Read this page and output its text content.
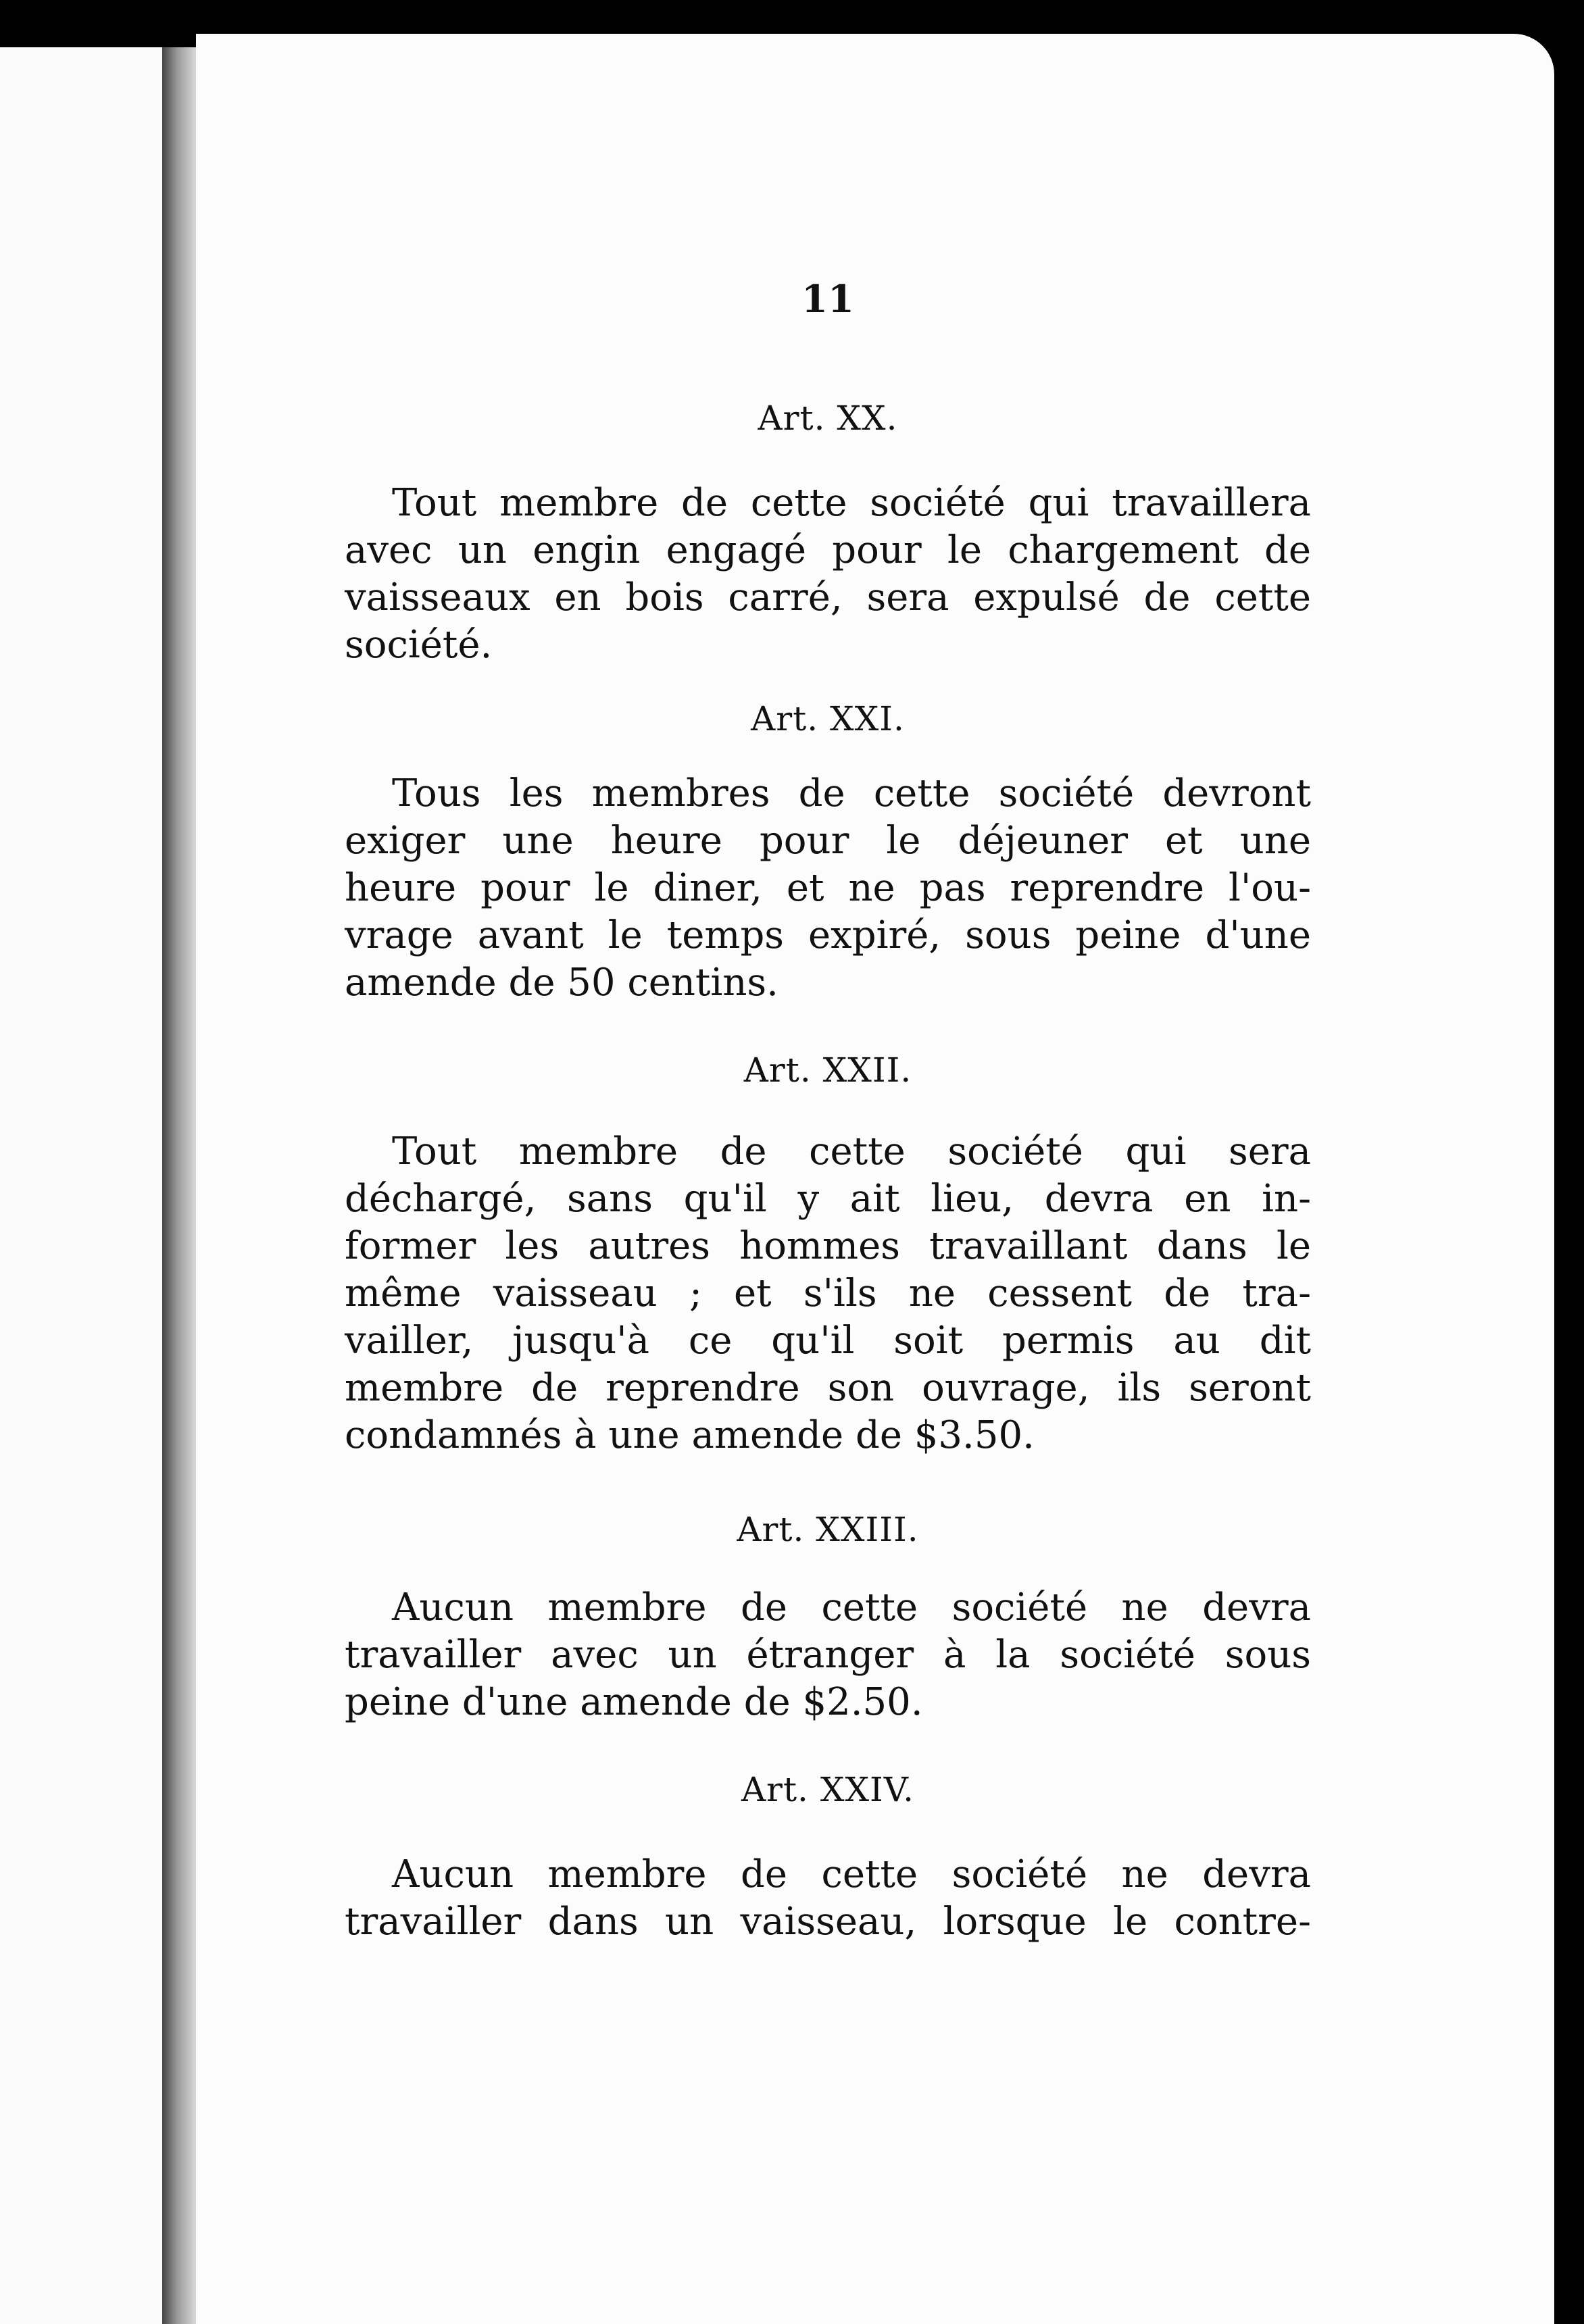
11
Art. XX.
Tout membre de cette société qui travaillera
avec un engin engagé pour le chargement de
vaisseaux en bois carré, sera expulsé de cette
société.
Art. XXI.
Tous les membres de cette société devront
exiger une heure pour le déjeuner et une
heure pour le diner, et ne pas reprendre l'ou-
vrage avant le temps expiré, sous peine d'une
amende de 50 centins.
Art. XXII.
Tout membre de cette société qui sera
déchargé, sans qu'il y ait lieu, devra en in-
former les autres hommes travaillant dans le
même vaisseau ; et s'ils ne cessent de tra-
vailler, jusqu'à ce qu'il soit permis au dit
membre de reprendre son ouvrage, ils seront
condamnés à une amende de $3.50.
Art. XXIII.
Aucun membre de cette société ne devra
travailler avec un étranger à la société sous
peine d'une amende de $2.50.
Art. XXIV.
Aucun membre de cette société ne devra
travailler dans un vaisseau, lorsque le contre-
